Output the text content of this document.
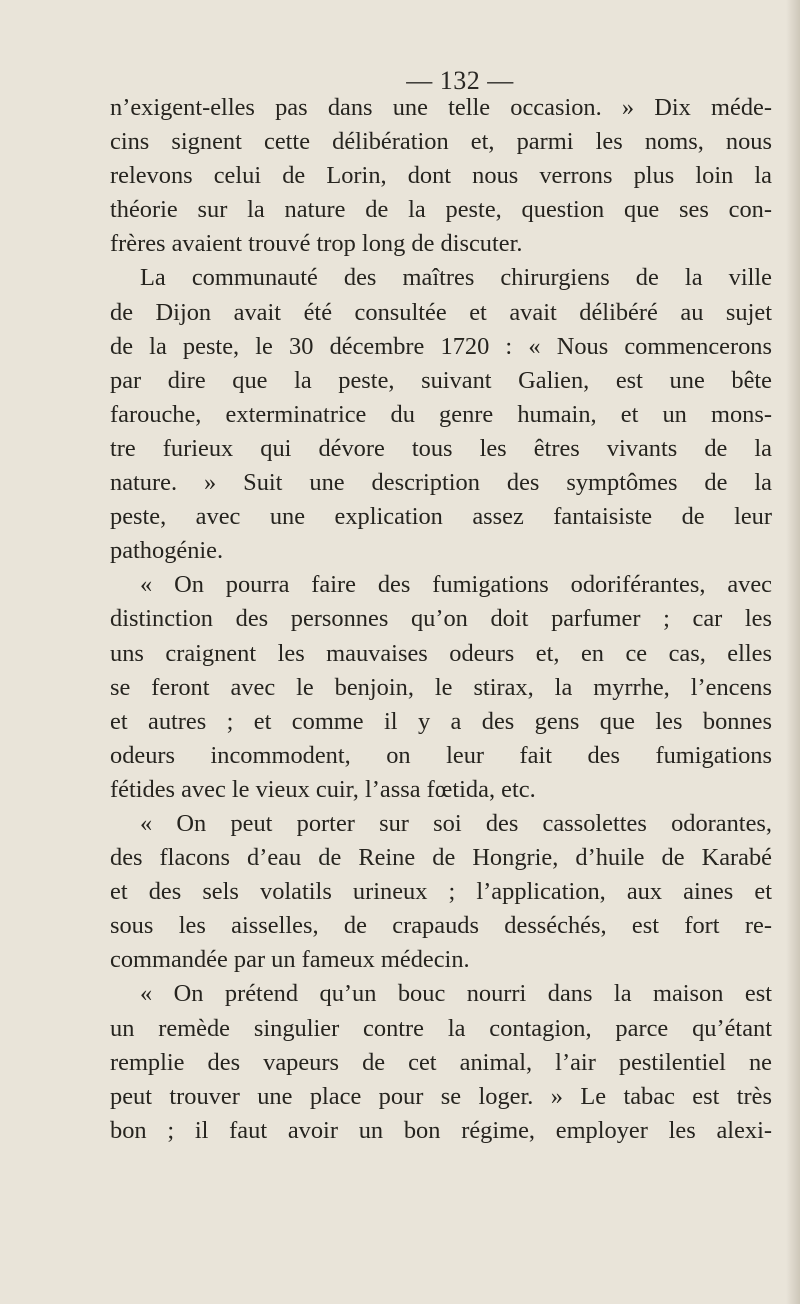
— 132 —
n’exigent-elles pas dans une telle occasion. » Dix méde-
cins signent cette délibération et, parmi les noms, nous
relevons celui de Lorin, dont nous verrons plus loin la
théorie sur la nature de la peste, question que ses con-
frères avaient trouvé trop long de discuter.
La communauté des maîtres chirurgiens de la ville
de Dijon avait été consultée et avait délibéré au sujet
de la peste, le 30 décembre 1720 : « Nous commencerons
par dire que la peste, suivant Galien, est une bête
farouche, exterminatrice du genre humain, et un mons-
tre furieux qui dévore tous les êtres vivants de la
nature. » Suit une description des symptômes de la
peste, avec une explication assez fantaisiste de leur
pathogénie.
« On pourra faire des fumigations odoriférantes, avec
distinction des personnes qu’on doit parfumer ; car les
uns craignent les mauvaises odeurs et, en ce cas, elles
se feront avec le benjoin, le stirax, la myrrhe, l’encens
et autres ; et comme il y a des gens que les bonnes
odeurs incommodent, on leur fait des fumigations
fétides avec le vieux cuir, l’assa fœtida, etc.
« On peut porter sur soi des cassolettes odorantes,
des flacons d’eau de Reine de Hongrie, d’huile de Karabé
et des sels volatils urineux ; l’application, aux aines et
sous les aisselles, de crapauds desséchés, est fort re-
commandée par un fameux médecin.
« On prétend qu’un bouc nourri dans la maison est
un remède singulier contre la contagion, parce qu’étant
remplie des vapeurs de cet animal, l’air pestilentiel ne
peut trouver une place pour se loger. » Le tabac est très
bon ; il faut avoir un bon régime, employer les alexi-
